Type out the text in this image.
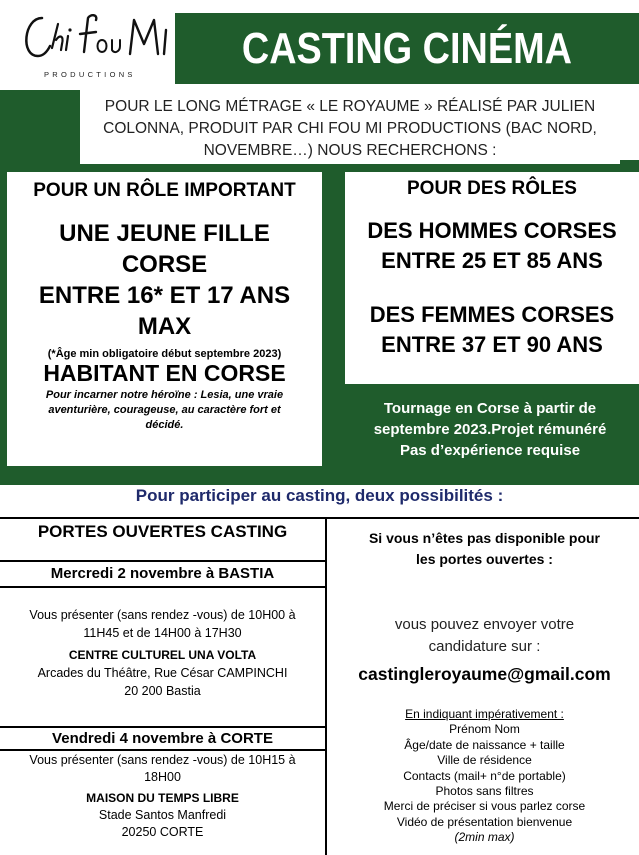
PRODUCTIONS
CASTING CINÉMA
POUR LE LONG MÉTRAGE « LE ROYAUME » RÉALISÉ PAR JULIEN COLONNA, PRODUIT PAR CHI FOU MI PRODUCTIONS (BAC NORD, NOVEMBRE…) NOUS RECHERCHONS :
POUR UN RÔLE IMPORTANT
UNE JEUNE FILLE
CORSE
ENTRE 16* ET 17 ANS
MAX
(*Âge min obligatoire début septembre 2023)
HABITANT EN CORSE
Pour incarner notre héroïne : Lesia, une vraie aventurière, courageuse, au caractère fort et décidé.
POUR DES RÔLES
DES HOMMES CORSES
ENTRE 25 ET 85 ANS
DES FEMMES CORSES
ENTRE 37 ET 90 ANS
Tournage en Corse à partir de
septembre 2023.Projet rémunéré
Pas d’expérience requise
Pour participer au casting, deux possibilités :
PORTES OUVERTES CASTING
Mercredi 2 novembre à BASTIA
Vous présenter (sans rendez -vous) de 10H00 à
11H45 et de 14H00 à 17H30
CENTRE CULTUREL UNA VOLTA
Arcades du Théâtre, Rue César CAMPINCHI
20 200 Bastia
Vendredi 4 novembre à CORTE
Vous présenter (sans rendez -vous) de 10H15 à
18H00
MAISON DU TEMPS LIBRE
Stade Santos Manfredi
20250 CORTE
Si vous n’êtes pas disponible pour
les portes ouvertes :
vous pouvez envoyer votre
candidature sur :
castingleroyaume@gmail.com
En indiquant impérativement :
Prénom Nom
Âge/date de naissance + taille
Ville de résidence
Contacts (mail+ n°de portable)
Photos sans filtres
Merci de préciser si vous parlez corse
Vidéo de présentation bienvenue
(2min max)
